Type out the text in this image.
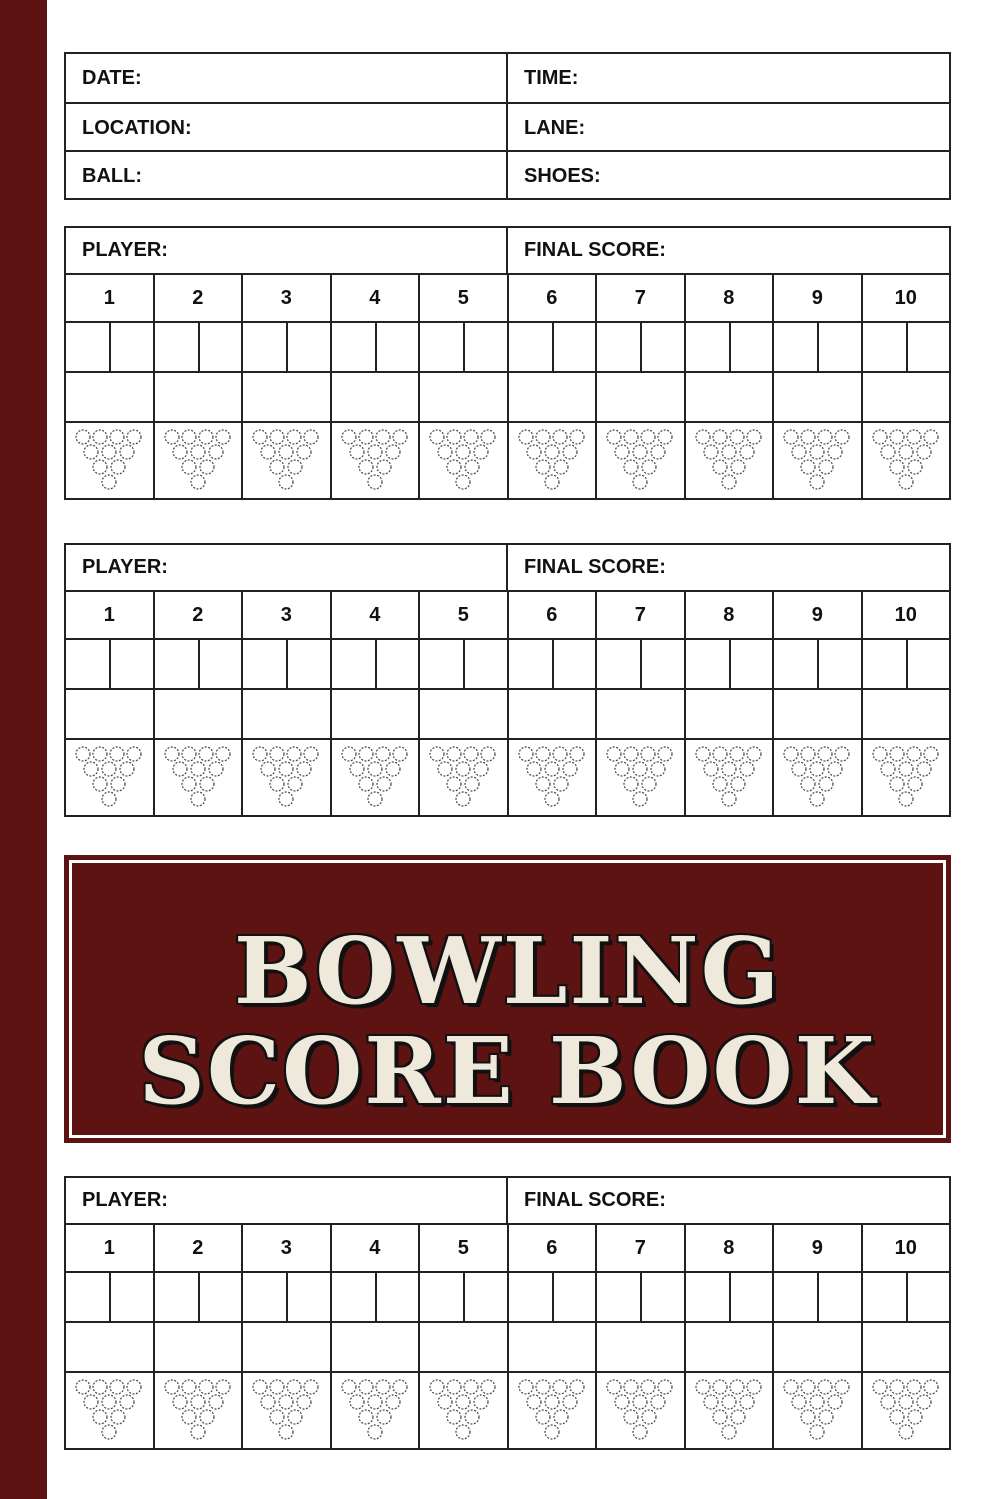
DATE:	TIME:
LOCATION:	LANE:
BALL:	SHOES:
PLAYER:	FINAL SCORE:
1	2	3	4	5	6	7	8	9	10
PLAYER:	FINAL SCORE:
1	2	3	4	5	6	7	8	9	10
BOWLING
SCORE BOOK
PLAYER:	FINAL SCORE:
1	2	3	4	5	6	7	8	9	10
